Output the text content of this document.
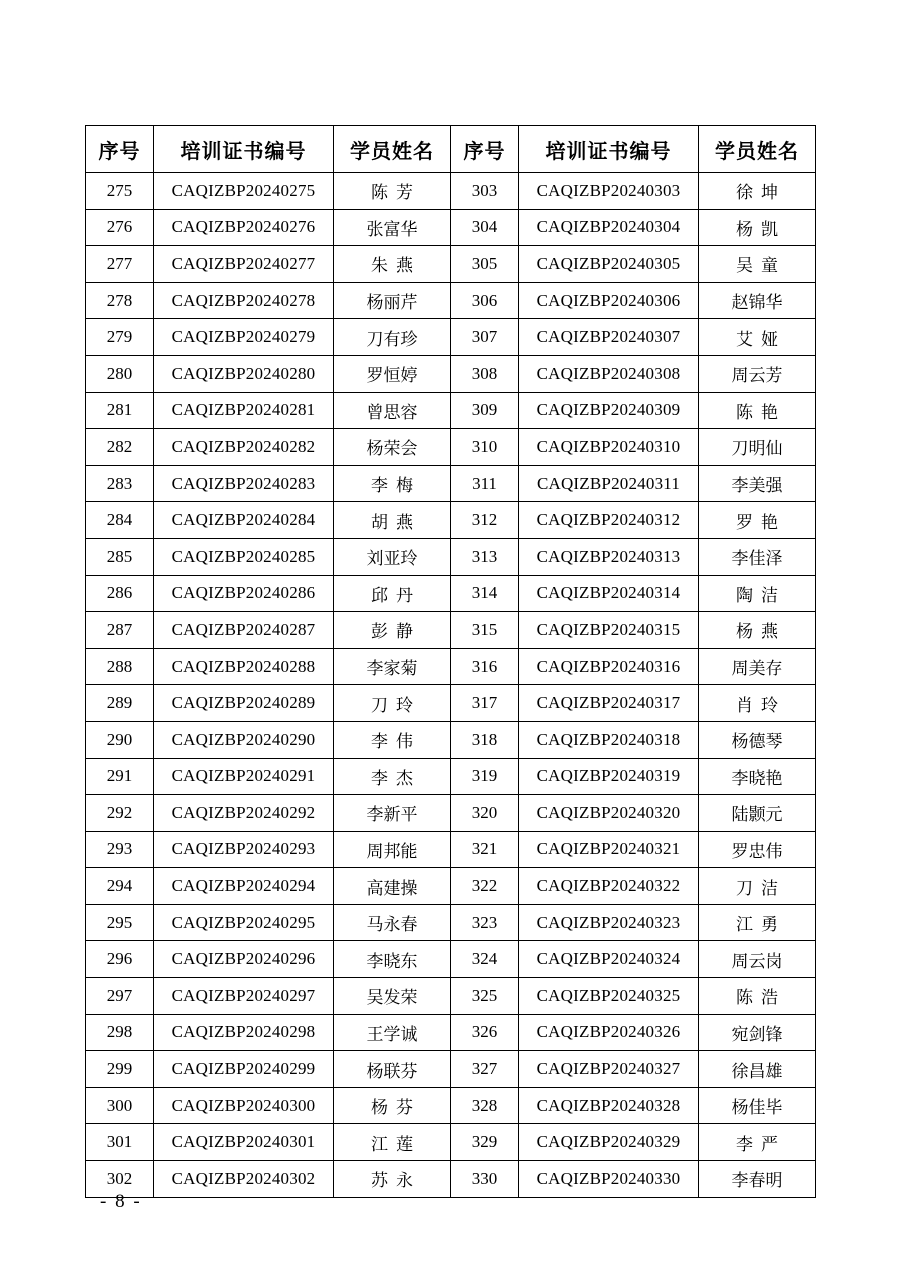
序号	培训证书编号	学员姓名	序号	培训证书编号	学员姓名
275	CAQIZBP20240275	陈芳	303	CAQIZBP20240303	徐坤
276	CAQIZBP20240276	张富华	304	CAQIZBP20240304	杨凯
277	CAQIZBP20240277	朱燕	305	CAQIZBP20240305	吴童
278	CAQIZBP20240278	杨丽芹	306	CAQIZBP20240306	赵锦华
279	CAQIZBP20240279	刀有珍	307	CAQIZBP20240307	艾娅
280	CAQIZBP20240280	罗恒婷	308	CAQIZBP20240308	周云芳
281	CAQIZBP20240281	曾思容	309	CAQIZBP20240309	陈艳
282	CAQIZBP20240282	杨荣会	310	CAQIZBP20240310	刀明仙
283	CAQIZBP20240283	李梅	311	CAQIZBP20240311	李美强
284	CAQIZBP20240284	胡燕	312	CAQIZBP20240312	罗艳
285	CAQIZBP20240285	刘亚玲	313	CAQIZBP20240313	李佳泽
286	CAQIZBP20240286	邱丹	314	CAQIZBP20240314	陶洁
287	CAQIZBP20240287	彭静	315	CAQIZBP20240315	杨燕
288	CAQIZBP20240288	李家菊	316	CAQIZBP20240316	周美存
289	CAQIZBP20240289	刀玲	317	CAQIZBP20240317	肖玲
290	CAQIZBP20240290	李伟	318	CAQIZBP20240318	杨德琴
291	CAQIZBP20240291	李杰	319	CAQIZBP20240319	李晓艳
292	CAQIZBP20240292	李新平	320	CAQIZBP20240320	陆颢元
293	CAQIZBP20240293	周邦能	321	CAQIZBP20240321	罗忠伟
294	CAQIZBP20240294	高建操	322	CAQIZBP20240322	刀洁
295	CAQIZBP20240295	马永春	323	CAQIZBP20240323	江勇
296	CAQIZBP20240296	李晓东	324	CAQIZBP20240324	周云岗
297	CAQIZBP20240297	吴发荣	325	CAQIZBP20240325	陈浩
298	CAQIZBP20240298	王学诚	326	CAQIZBP20240326	宛剑锋
299	CAQIZBP20240299	杨联芬	327	CAQIZBP20240327	徐昌雄
300	CAQIZBP20240300	杨芬	328	CAQIZBP20240328	杨佳毕
301	CAQIZBP20240301	江莲	329	CAQIZBP20240329	李严
302	CAQIZBP20240302	苏永	330	CAQIZBP20240330	李春明
- 8 -
